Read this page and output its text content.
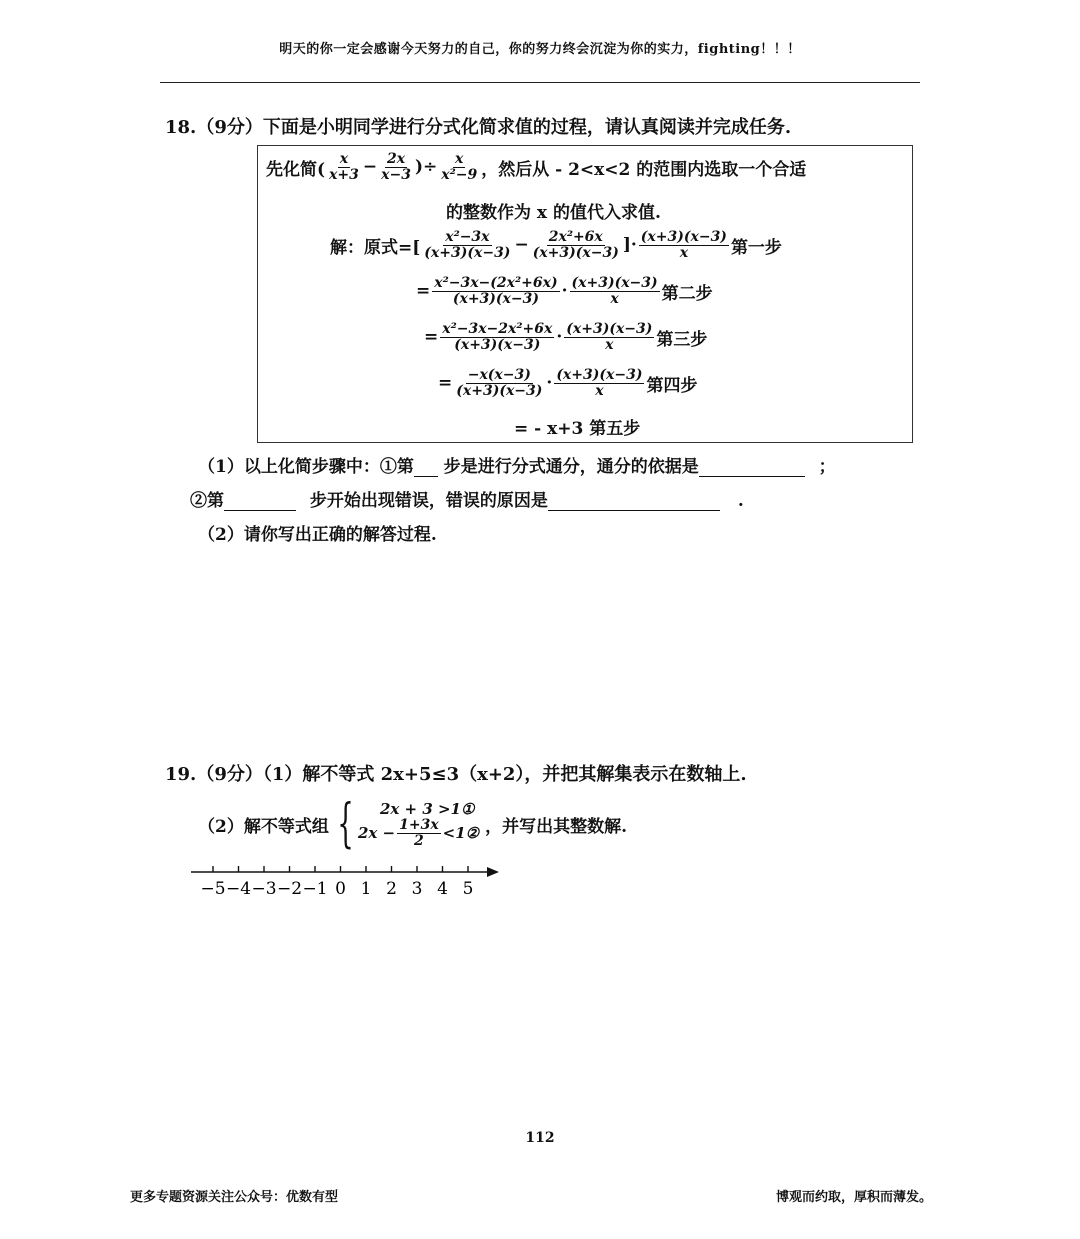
明天的你一定会感谢今天努力的自己，你的努力终会沉淀为你的实力，fighting！！！
18.（9分）下面是小明同学进行分式化简求值的过程，请认真阅读并完成任务.
先化简( $\frac{x}{x+3} - \frac{2x}{x-3}$ )÷ $\frac{x}{\text{x²−9}}$ ，然后从 - 2<x<2 的范围内选取一个合适
的整数作为 x 的值代入求值.
解：原式=[ $\frac{\text{x²−3x}}{(x+3)(x-3)} - \frac{\text{2x²+6x}}{(x+3)(x-3)}$ ]· $\frac{(x+3)(x-3)}{x}$ 第一步
= $\frac{\text{x²−3x−(2x²+6x)}}{(x+3)(x-3)} \cdot \frac{(x+3)(x-3)}{x}$ 第二步
= $\frac{\text{x²−3x−2x²+6x}}{(x+3)(x-3)} \cdot \frac{(x+3)(x-3)}{x}$ 第三步
= $\frac{-x(x-3)}{(x+3)(x-3)} \cdot \frac{(x+3)(x-3)}{x}$ 第四步
= - x+3 第五步
（1）以上化简步骤中：①第 步是进行分式通分，通分的依据是	；
②第	步开始出现错误，错误的原因是	.
（2）请你写出正确的解答过程.
19.（9分）（1）解不等式 2x+5≤3（x+2），并把其解集表示在数轴上.
（2）解不等式组 {	2x + 3 >1①
$2x - \frac{1+3x}{2}$ <1② ，并写出其整数解.
−5 −4 −3 −2 −1 0 1 2 3 4 5
112
更多专题资源关注公众号：优数有型	博观而约取，厚积而薄发。
